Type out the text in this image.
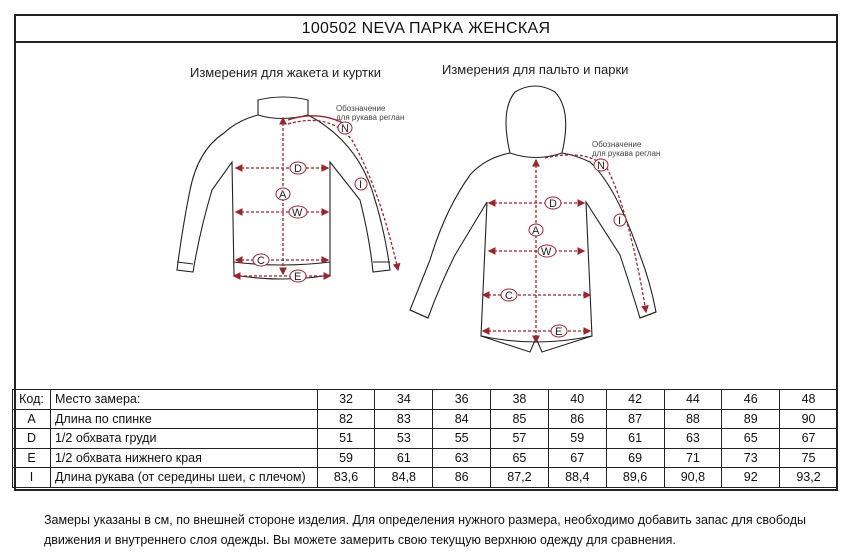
100502 NEVA ПАРКА ЖЕНСКАЯ
Измерения для жакета и куртки	Измерения для пальто и парки
D
A
W
C
E
N
I
Обозначение
для рукава реглан
D
A
W
C
E
N
I
Обозначение
для рукава реглан
Код:	Место замера:	32	34	36	38	40	42	44	46	48
A	Длина по спинке	82	83	84	85	86	87	88	89	90
D	1/2 обхвата груди	51	53	55	57	59	61	63	65	67
E	1/2 обхвата нижнего края	59	61	63	65	67	69	71	73	75
I	Длина рукава (от середины шеи, с плечом)	83,6	84,8	86	87,2	88,4	89,6	90,8	92	93,2
Замеры указаны в см, по внешней стороне изделия. Для определения нужного размера, необходимо добавить запас для свободы движения и внутреннего слоя одежды. Вы можете замерить свою текущую верхнюю одежду для сравнения.
